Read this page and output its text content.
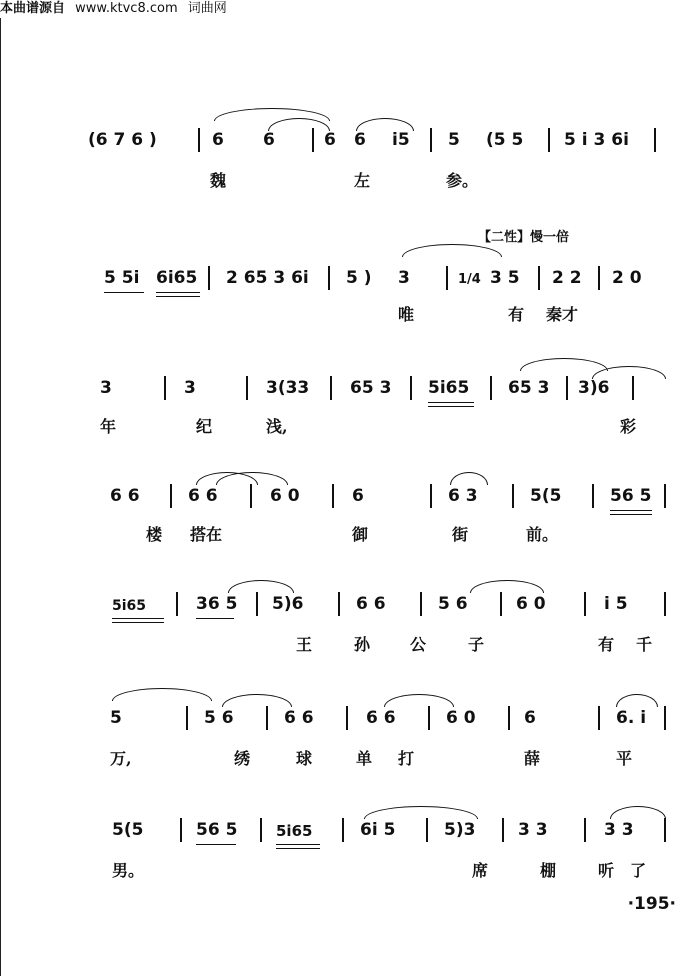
本曲谱源自 www.ktvc8.com 词曲网
(6 7 6 )	6 6	6 6 i5 5 (5 5 5 i 3 6i
魏	左	参。
【二性】慢一倍
5 5i 6i65 2 65 3 6i 5 ) 3	1/4 3 5 2 2 2 0
唯	有 秦才
3	3	3(33 65 3 5i65 65 3 3)6
年	纪	浅,	彩
6 6	6 6	6 0	6	6 3	5(5	56 5
楼 搭在	御	街	前。
5i65	36 5 5)6	6 6	5 6	6 0	i 5
王	孙 公	子	有 千
5	5 6	6 6	6 6	6 0	6	6. i
万,	绣	球	单 打	薛	平
5(5	56 5	5i65	6i 5	5)3	3 3	3 3
男。	席	棚	听 了
·195·
